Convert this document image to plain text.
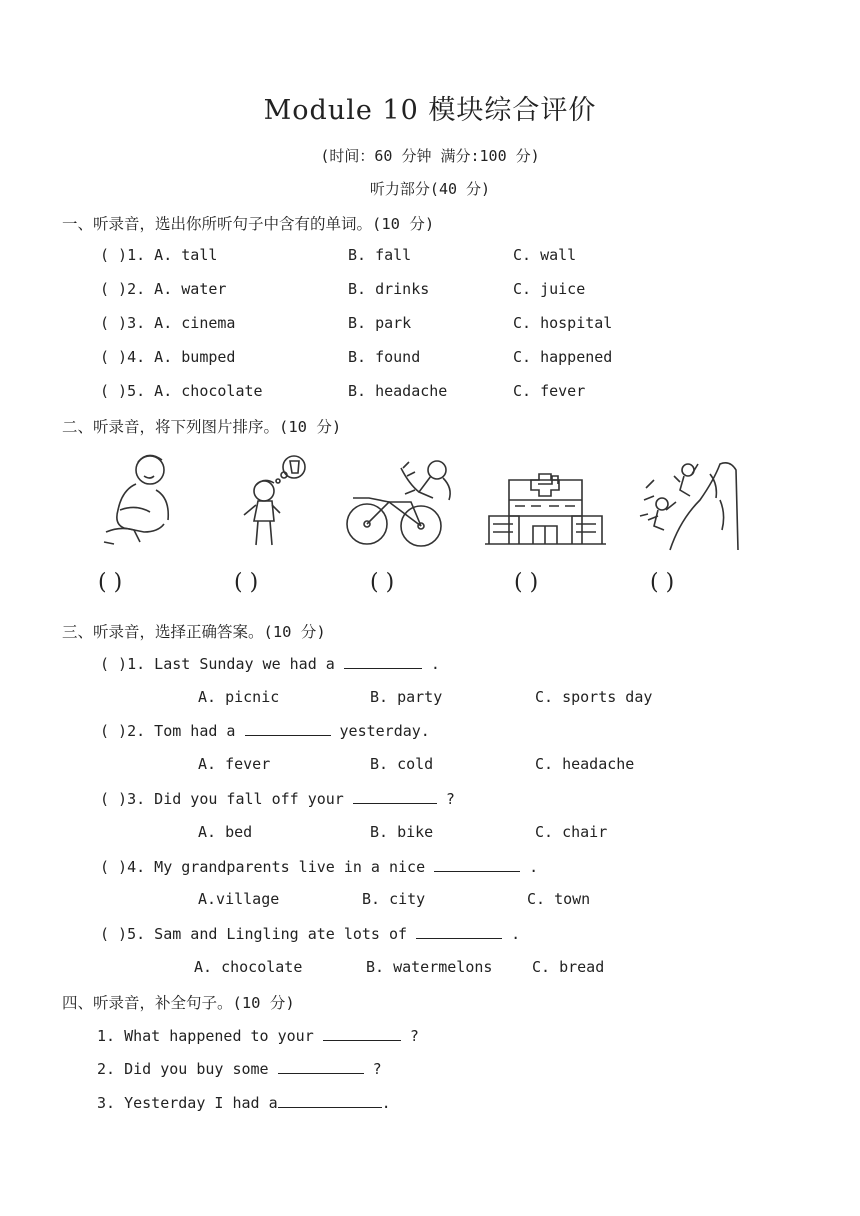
Module 10 模块综合评价
(时间：60 分钟 满分:100 分)
听力部分(40 分)
一、听录音，选出你所听句子中含有的单词。(10 分)
( )1. A. tall	B. fall	C. wall
( )2. A. water	B. drinks	C. juice
( )3. A. cinema	B. park	C. hospital
( )4. A. bumped	B. found	C. happened
( )5. A. chocolate	B. headache	C. fever
二、听录音，将下列图片排序。(10 分)
( )	( )	( )	( )	( )
三、听录音，选择正确答案。(10 分)
( )1. Last Sunday we had a	.
A. picnic	B. party	C. sports day
( )2. Tom had a	yesterday.
A. fever	B. cold	C. headache
( )3. Did you fall off your	?
A. bed	B. bike	C. chair
( )4. My grandparents live in a nice	.
A.village	B. city	C. town
( )5. Sam and Lingling ate lots of	.
A. chocolate	B. watermelons	C. bread
四、听录音，补全句子。(10 分)
1. What happened to your	?
2. Did you buy some	?
3. Yesterday I had a	.
